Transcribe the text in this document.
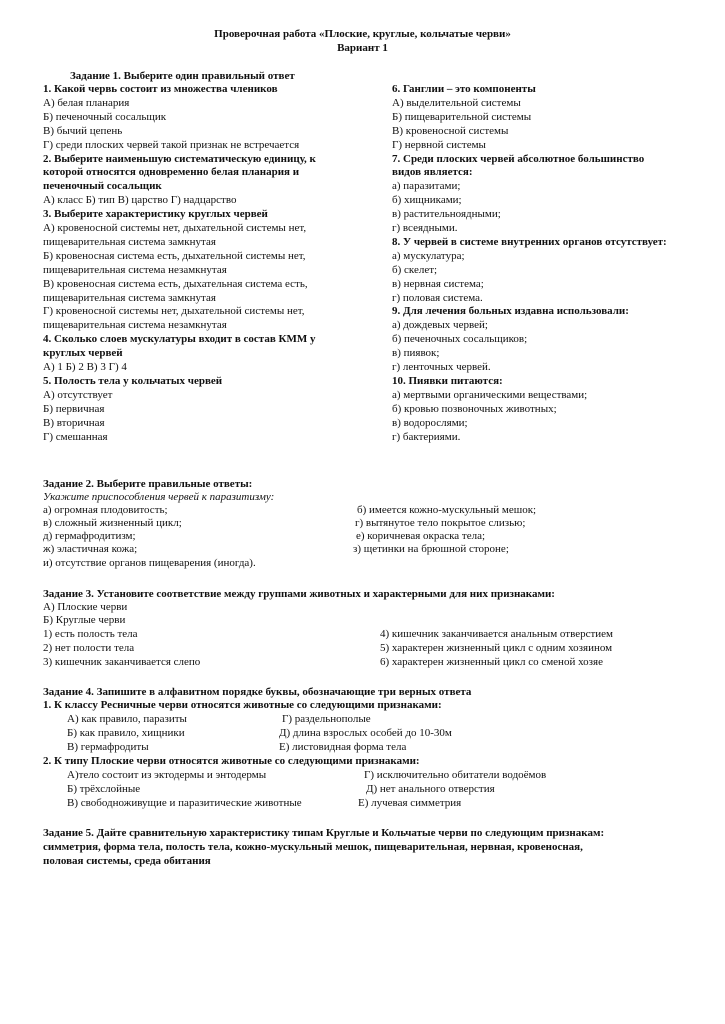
Проверочная работа «Плоские, круглые, кольчатые черви»
Вариант 1
Задание 1. Выберите один правильный ответ
1. Какой червь состоит из множества члеников
А) белая планария
Б) печеночный сосальщик
В) бычий цепень
Г) среди плоских червей такой признак не встречается
2. Выберите наименьшую систематическую единицу, к
которой относятся одновременно белая планария и
печеночный сосальщик
А) класс Б) тип В) царство Г) надцарство
3. Выберите характеристику круглых червей
А) кровеносной системы нет, дыхательной системы нет,
пищеварительная система замкнутая
Б) кровеносная система есть, дыхательной системы нет,
пищеварительная система незамкнутая
В) кровеносная система есть, дыхательная система есть,
пищеварительная система замкнутая
Г) кровеносной системы нет, дыхательной системы нет,
пищеварительная система незамкнутая
4. Сколько слоев мускулатуры входит в состав КММ у
круглых червей
А) 1 Б) 2 В) 3 Г) 4
5. Полость тела у кольчатых червей
А) отсутствует
Б) первичная
В) вторичная
Г) смешанная
6. Ганглии – это компоненты
А) выделительной системы
Б) пищеварительной системы
В) кровеносной системы
Г) нервной системы
7. Среди плоских червей абсолютное большинство
видов является:
а) паразитами;
б) хищниками;
в) растительноядными;
г) всеядными.
8. У червей в системе внутренних органов отсутствует:
а) мускулатура;
б) скелет;
в) нервная система;
г) половая система.
9. Для лечения больных издавна использовали:
а) дождевых червей;
б) печеночных сосальщиков;
в) пиявок;
г) ленточных червей.
10. Пиявки питаются:
а) мертвыми органическими веществами;
б) кровью позвоночных животных;
в) водорослями;
г) бактериями.
Задание 2. Выберите правильные ответы:
Укажите приспособления червей к паразитизму:
а) огромная плодовитость;
в) сложный жизненный цикл;
д) гермафродитизм;
ж) эластичная кожа;
и) отсутствие органов пищеварения (иногда).
б) имеется кожно-мускульный мешок;
г) вытянутое тело покрытое слизью;
е) коричневая окраска тела;
з) щетинки на брюшной стороне;
Задание 3. Установите соответствие между группами животных и характерными для них признаками:
А) Плоские черви
Б) Круглые черви
1) есть полость тела
2) нет полости тела
3) кишечник заканчивается слепо
4) кишечник заканчивается анальным отверстием
5) характерен жизненный цикл с одним хозяином
6) характерен жизненный цикл со сменой хозяе
Задание 4. Запишите в алфавитном порядке буквы, обозначающие три верных ответа
1. К классу Ресничные черви относятся животные со следующими признаками:
А) как правило, паразиты
Б) как правило, хищники
В) гермафродиты
Г) раздельнополые
Д) длина взрослых особей до 10-30м
Е) листовидная форма тела
2. К типу Плоские черви относятся животные со следующими признаками:
А)тело состоит из эктодермы и энтодермы
Б) трёхслойные
В) свободноживущие и паразитические животные
Г) исключительно обитатели водоёмов
Д) нет анального отверстия
Е) лучевая симметрия
Задание 5. Дайте сравнительную характеристику типам Круглые и Кольчатые черви по следующим признакам:
симметрия, форма тела, полость тела, кожно-мускульный мешок, пищеварительная, нервная, кровеносная,
половая системы, среда обитания
